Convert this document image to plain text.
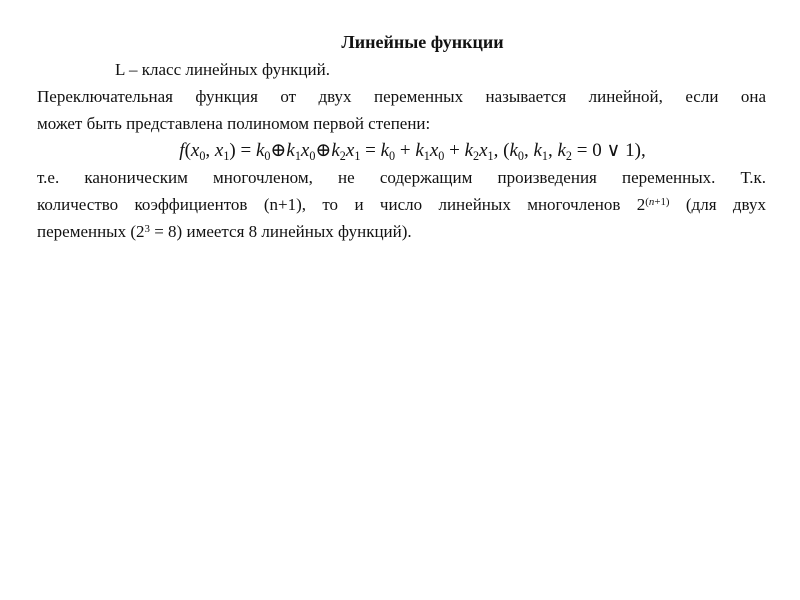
Линейные функции
L – класс линейных функций.
Переключательная функция от двух переменных называется линейной, если она
может быть представлена полиномом первой степени:
$f(x_0$, $x_1$) = $k_0\oplus k_1x_0\oplus k_2x_1 = k_0 + k_1x_0 + k_2x_1$, ($k_0$, $k_1$, $k_2 = 0$ ∨ 1),
т.е. каноническим многочленом, не содержащим произведения переменных. Т.к.
количество коэффициентов (n+1), то и число линейных многочленов $2^{(n+1)}$ (для двух
переменных $(2^3 = 8)$ имеется 8 линейных функций).
